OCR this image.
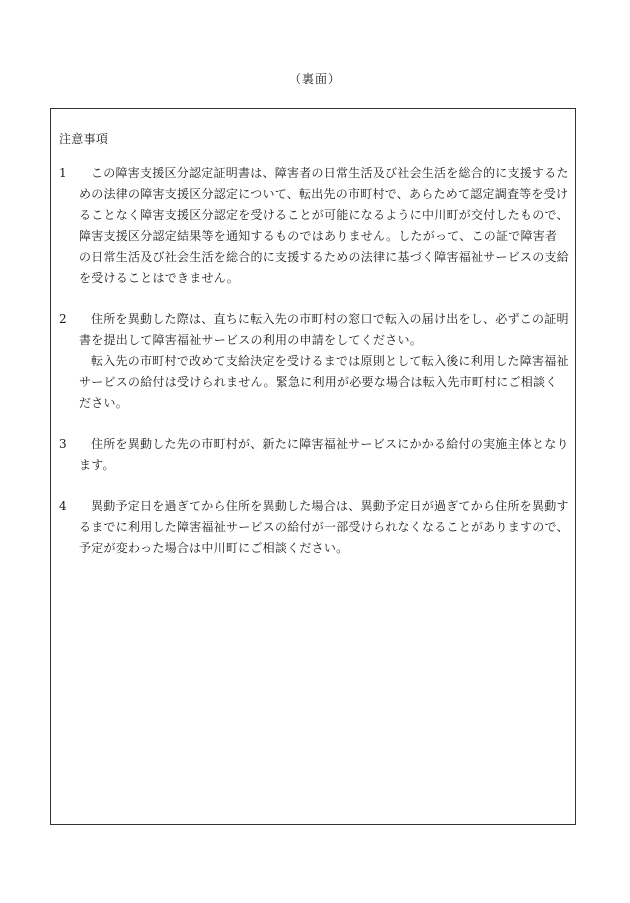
（裏面）
注意事項
1	この障害支援区分認定証明書は、障害者の日常生活及び社会生活を総合的に支援するための法律の障害支援区分認定について、転出先の市町村で、あらためて認定調査等を受けることなく障害支援区分認定を受けることが可能になるように中川町が交付したもので、障害支援区分認定結果等を通知するものではありません。したがって、この証で障害者の日常生活及び社会生活を総合的に支援するための法律に基づく障害福祉サービスの支給を受けることはできません。

2	住所を異動した際は、直ちに転入先の市町村の窓口で転入の届け出をし、必ずこの証明書を提出して障害福祉サービスの利用の申請をしてください。

転入先の市町村で改めて支給決定を受けるまでは原則として転入後に利用した障害福祉サービスの給付は受けられません。緊急に利用が必要な場合は転入先市町村にご相談ください。

3	住所を異動した先の市町村が、新たに障害福祉サービスにかかる給付の実施主体となります。

4	異動予定日を過ぎてから住所を異動した場合は、異動予定日が過ぎてから住所を異動するまでに利用した障害福祉サービスの給付が一部受けられなくなることがありますので、予定が変わった場合は中川町にご相談ください。
